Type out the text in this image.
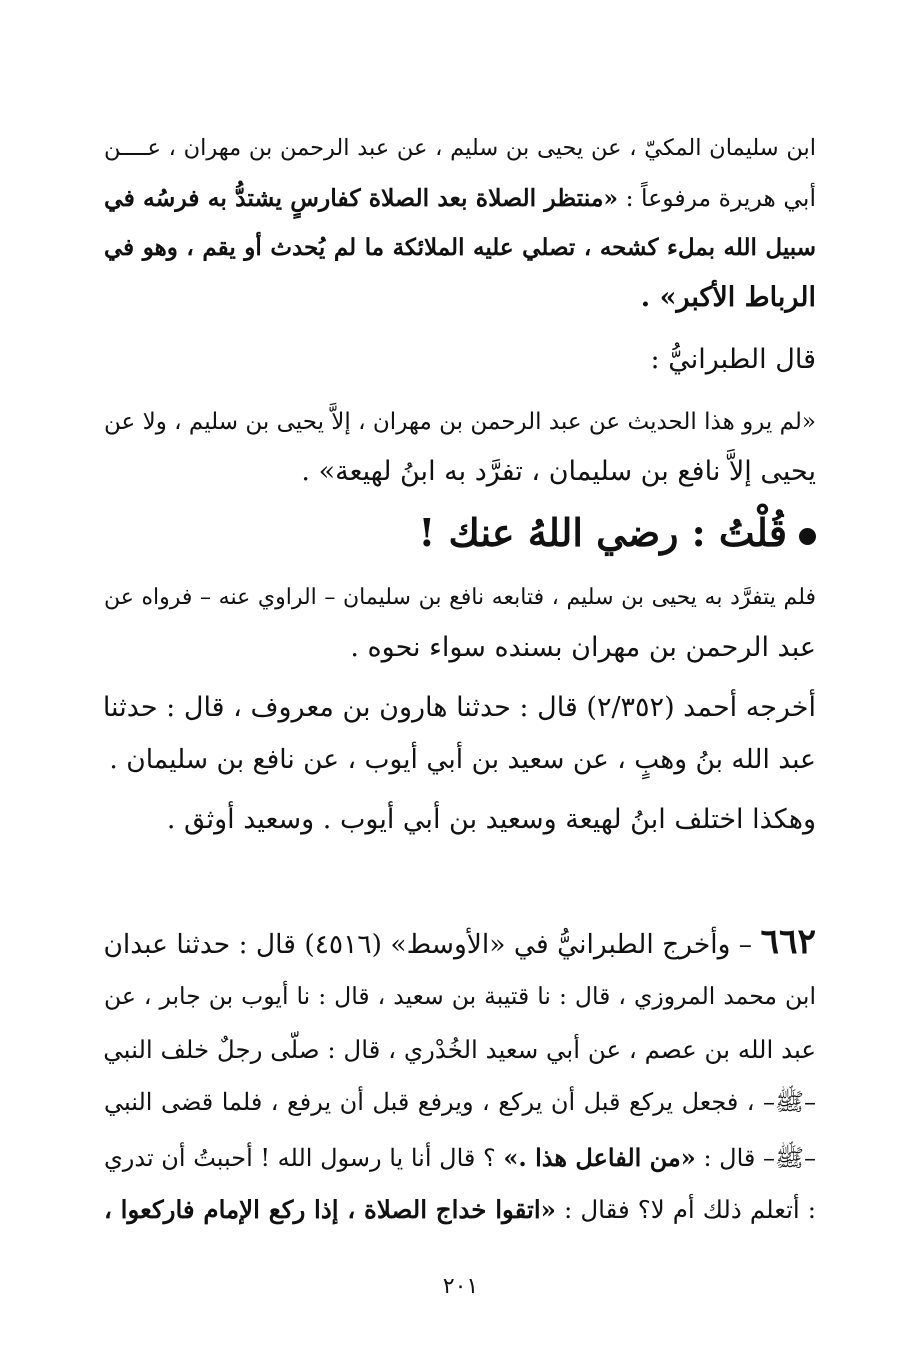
ابن سليمان المكيّ ، عن يحيى بن سليم ، عن عبد الرحمن بن مهران ، عــــن
أبي هريرة مرفوعاً : «منتظر الصلاة بعد الصلاة كفارسٍ يشتدُّ به فرسُه في
سبيل الله بملء كشحه ، تصلي عليه الملائكة ما لم يُحدث أو يقم ، وهو في
الرباط الأكبر» .
قال الطبرانيُّ :
«لم يرو هذا الحديث عن عبد الرحمن بن مهران ، إلاَّ يحيى بن سليم ، ولا عن
يحيى إلاَّ نافع بن سليمان ، تفرَّد به ابنُ لهيعة» .
قُلْتُ : رضي اللهُ عنك !
فلم يتفرَّد به يحيى بن سليم ، فتابعه نافع بن سليمان – الراوي عنه – فرواه عن
عبد الرحمن بن مهران بسنده سواء نحوه .
أخرجه أحمد (٢/٣٥٢) قال : حدثنا هارون بن معروف ، قال : حدثنا
عبد الله بنُ وهبٍ ، عن سعيد بن أبي أيوب ، عن نافع بن سليمان .
وهكذا اختلف ابنُ لهيعة وسعيد بن أبي أيوب . وسعيد أوثق .
٦٦٢ – وأخرج الطبرانيُّ في «الأوسط» (٤٥١٦) قال : حدثنا عبدان
ابن محمد المروزي ، قال : نا قتيبة بن سعيد ، قال : نا أيوب بن جابر ، عن
عبد الله بن عصم ، عن أبي سعيد الخُدْري ، قال : صلّى رجلٌ خلف النبي
–ﷺ– ، فجعل يركع قبل أن يركع ، ويرفع قبل أن يرفع ، فلما قضى النبي
–ﷺ– قال : «من الفاعل هذا .» ؟ قال أنا يا رسول الله ! أحببتُ أن تدري
: أتعلم ذلك أم لا؟ فقال : «اتقوا خداج الصلاة ، إذا ركع الإمام فاركعوا ،
٢٠١
